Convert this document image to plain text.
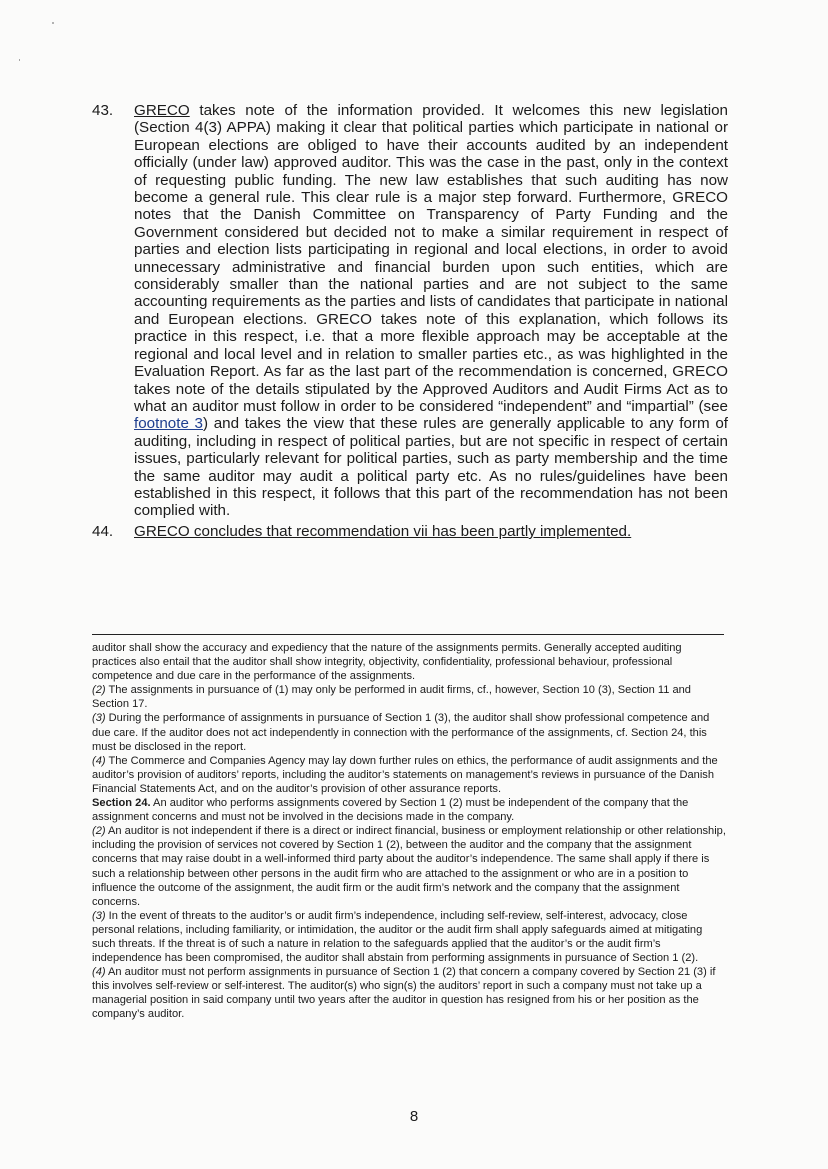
43.	GRECO takes note of the information provided. It welcomes this new legislation (Section 4(3) APPA) making it clear that political parties which participate in national or European elections are obliged to have their accounts audited by an independent officially (under law) approved auditor. This was the case in the past, only in the context of requesting public funding. The new law establishes that such auditing has now become a general rule. This clear rule is a major step forward. Furthermore, GRECO notes that the Danish Committee on Transparency of Party Funding and the Government considered but decided not to make a similar requirement in respect of parties and election lists participating in regional and local elections, in order to avoid unnecessary administrative and financial burden upon such entities, which are considerably smaller than the national parties and are not subject to the same accounting requirements as the parties and lists of candidates that participate in national and European elections. GRECO takes note of this explanation, which follows its practice in this respect, i.e. that a more flexible approach may be acceptable at the regional and local level and in relation to smaller parties etc., as was highlighted in the Evaluation Report. As far as the last part of the recommendation is concerned, GRECO takes note of the details stipulated by the Approved Auditors and Audit Firms Act as to what an auditor must follow in order to be considered “independent” and “impartial” (see footnote 3) and takes the view that these rules are generally applicable to any form of auditing, including in respect of political parties, but are not specific in respect of certain issues, particularly relevant for political parties, such as party membership and the time the same auditor may audit a political party etc. As no rules/guidelines have been established in this respect, it follows that this part of the recommendation has not been complied with.
44.	GRECO concludes that recommendation vii has been partly implemented.

auditor shall show the accuracy and expediency that the nature of the assignments permits. Generally accepted auditing practices also entail that the auditor shall show integrity, objectivity, confidentiality, professional behaviour, professional competence and due care in the performance of the assignments.

(2) The assignments in pursuance of (1) may only be performed in audit firms, cf., however, Section 10 (3), Section 11 and Section 17.

(3) During the performance of assignments in pursuance of Section 1 (3), the auditor shall show professional competence and due care. If the auditor does not act independently in connection with the performance of the assignments, cf. Section 24, this must be disclosed in the report.

(4) The Commerce and Companies Agency may lay down further rules on ethics, the performance of audit assignments and the auditor’s provision of auditors’ reports, including the auditor’s statements on management’s reviews in pursuance of the Danish Financial Statements Act, and on the auditor’s provision of other assurance reports.

Section 24. An auditor who performs assignments covered by Section 1 (2) must be independent of the company that the assignment concerns and must not be involved in the decisions made in the company.

(2) An auditor is not independent if there is a direct or indirect financial, business or employment relationship or other relationship, including the provision of services not covered by Section 1 (2), between the auditor and the company that the assignment concerns that may raise doubt in a well-informed third party about the auditor’s independence. The same shall apply if there is such a relationship between other persons in the audit firm who are attached to the assignment or who are in a position to influence the outcome of the assignment, the audit firm or the audit firm’s network and the company that the assignment concerns.

(3) In the event of threats to the auditor’s or audit firm’s independence, including self-review, self-interest, advocacy, close personal relations, including familiarity, or intimidation, the auditor or the audit firm shall apply safeguards aimed at mitigating such threats. If the threat is of such a nature in relation to the safeguards applied that the auditor’s or the audit firm’s independence has been compromised, the auditor shall abstain from performing assignments in pursuance of Section 1 (2).

(4) An auditor must not perform assignments in pursuance of Section 1 (2) that concern a company covered by Section 21 (3) if this involves self-review or self-interest. The auditor(s) who sign(s) the auditors’ report in such a company must not take up a managerial position in said company until two years after the auditor in question has resigned from his or her position as the company’s auditor.

8
